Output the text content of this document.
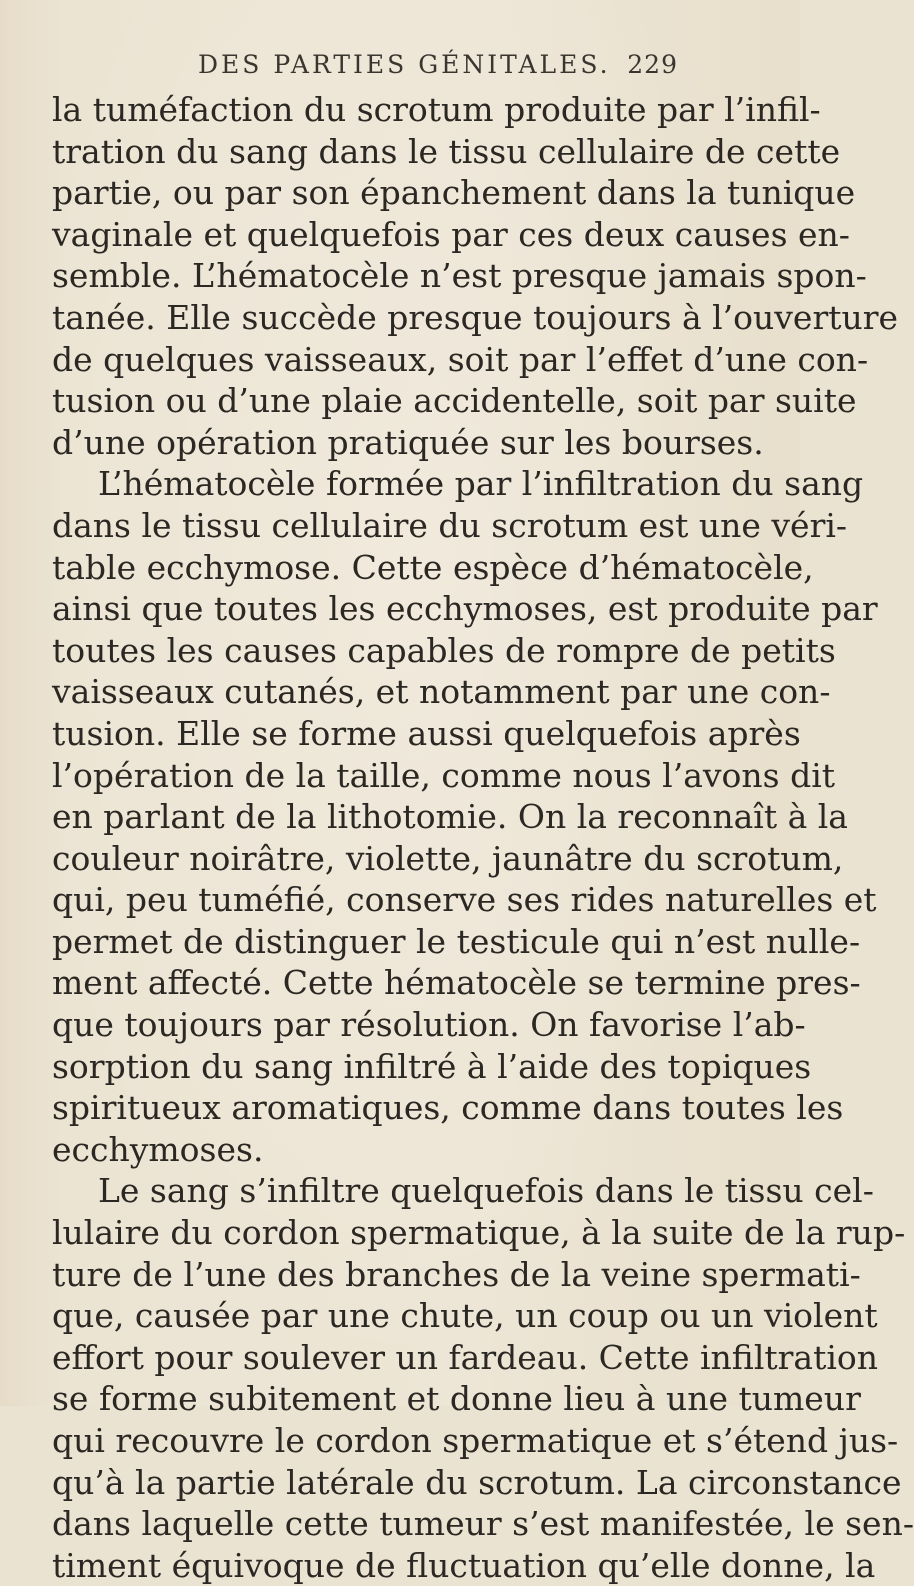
DES PARTIES GÉNITALES. 229
la tuméfaction du scrotum produite par l’infil-
tration du sang dans le tissu cellulaire de cette
partie, ou par son épanchement dans la tunique
vaginale et quelquefois par ces deux causes en-
semble. L’hématocèle n’est presque jamais spon-
tanée. Elle succède presque toujours à l’ouverture
de quelques vaisseaux, soit par l’effet d’une con-
tusion ou d’une plaie accidentelle, soit par suite
d’une opération pratiquée sur les bourses.
L’hématocèle formée par l’infiltration du sang
dans le tissu cellulaire du scrotum est une véri-
table ecchymose. Cette espèce d’hématocèle,
ainsi que toutes les ecchymoses, est produite par
toutes les causes capables de rompre de petits
vaisseaux cutanés, et notamment par une con-
tusion. Elle se forme aussi quelquefois après
l’opération de la taille, comme nous l’avons dit
en parlant de la lithotomie. On la reconnaît à la
couleur noirâtre, violette, jaunâtre du scrotum,
qui, peu tuméfié, conserve ses rides naturelles et
permet de distinguer le testicule qui n’est nulle-
ment affecté. Cette hématocèle se termine pres-
que toujours par résolution. On favorise l’ab-
sorption du sang infiltré à l’aide des topiques
spiritueux aromatiques, comme dans toutes les
ecchymoses.
Le sang s’infiltre quelquefois dans le tissu cel-
lulaire du cordon spermatique, à la suite de la rup-
ture de l’une des branches de la veine spermati-
que, causée par une chute, un coup ou un violent
effort pour soulever un fardeau. Cette infiltration
se forme subitement et donne lieu à une tumeur
qui recouvre le cordon spermatique et s’étend jus-
qu’à la partie latérale du scrotum. La circonstance
dans laquelle cette tumeur s’est manifestée, le sen-
timent équivoque de fluctuation qu’elle donne, la
